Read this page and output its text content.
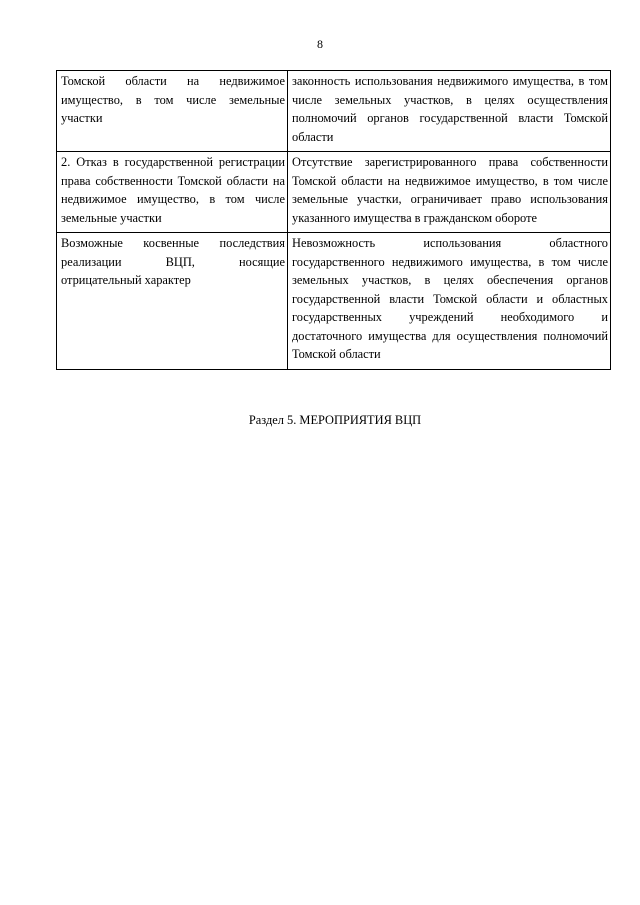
8
Томской области на недвижимое имущество, в том числе земельные участки	законность использования недвижимого имущества, в том числе земельных участков, в целях осуществления полномочий органов государственной власти Томской области
2. Отказ в государственной регистрации права собственности Томской области на недвижимое имущество, в том числе земельные участки	Отсутствие зарегистрированного права собственности Томской области на недвижимое имущество, в том числе земельные участки, ограничивает право использования указанного имущества в гражданском обороте
Возможные косвенные последствия реализации ВЦП, носящие отрицательный характер	Невозможность использования областного государственного недвижимого имущества, в том числе земельных участков, в целях обеспечения органов государственной власти Томской области и областных государственных учреждений необходимого и достаточного имущества для осуществления полномочий Томской области
Раздел 5. МЕРОПРИЯТИЯ ВЦП
